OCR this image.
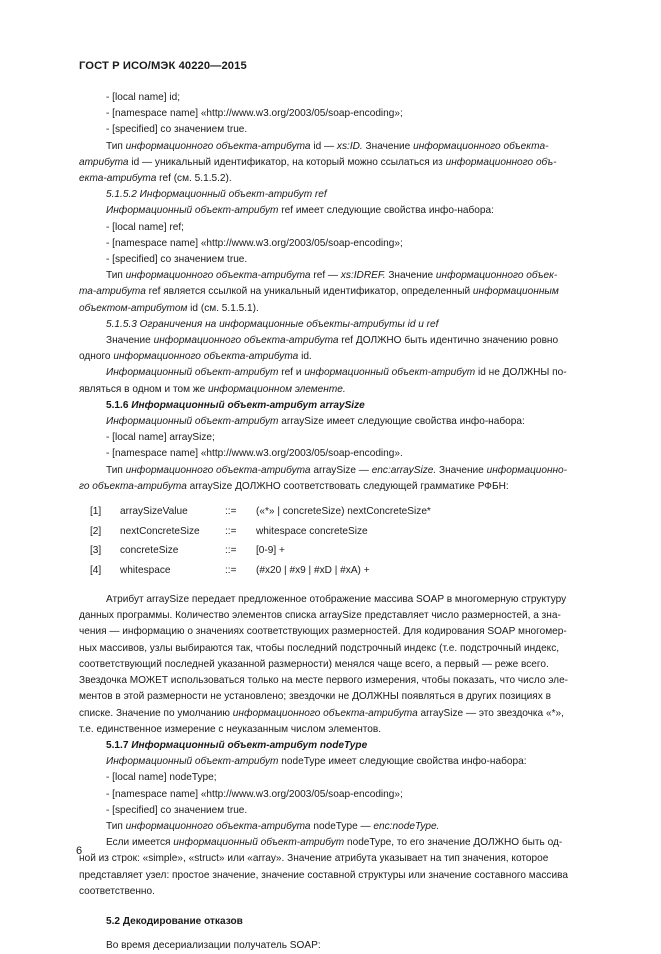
ГОСТ Р ИСО/МЭК 40220—2015

- [local name] id;

- [namespace name] «http://www.w3.org/2003/05/soap-encoding»;

- [specified] со значением true.

Тип информационного объекта-атрибута id — xs:ID. Значение информационного объекта-

атрибута id — уникальный идентификатор, на который можно ссылаться из информационного объ-

екта-атрибута ref (см. 5.1.5.2).

5.1.5.2 Информационный объект-атрибут ref

Информационный объект-атрибут ref имеет следующие свойства инфо-набора:

- [local name] ref;

- [namespace name] «http://www.w3.org/2003/05/soap-encoding»;

- [specified] со значением true.

Тип информационного объекта-атрибута ref — xs:IDREF. Значение информационного объек-

та-атрибута ref является ссылкой на уникальный идентификатор, определенный информационным

объектом-атрибутом id (см. 5.1.5.1).

5.1.5.3 Ограничения на информационные объекты-атрибуты id и ref

Значение информационного объекта-атрибута ref ДОЛЖНО быть идентично значению ровно

одного информационного объекта-атрибута id.

Информационный объект-атрибут ref и информационный объект-атрибут id не ДОЛЖНЫ по-

являться в одном и том же информационном элементе.

5.1.6 Информационный объект-атрибут arraySize

Информационный объект-атрибут arraySize имеет следующие свойства инфо-набора:

- [local name] arraySize;

- [namespace name] «http://www.w3.org/2003/05/soap-encoding».

Тип информационного объекта-атрибута arraySize — enc:arraySize. Значение информационно-

го объекта-атрибута arraySize ДОЛЖНО соответствовать следующей грамматике РФБН:

[1]	arraySizeValue	::=	(«*» | concreteSize) nextConcreteSize*
[2]	nextConcreteSize	::=	whitespace concreteSize
[3]	concreteSize	::=	[0-9] +
[4]	whitespace	::=	(#x20 | #x9 | #xD | #xA) +

Атрибут arraySize передает предложенное отображение массива SOAP в многомерную структуру

данных программы. Количество элементов списка arraySize представляет число размерностей, а зна-

чения — информацию о значениях соответствующих размерностей. Для кодирования SOAP многомер-

ных массивов, узлы выбираются так, чтобы последний подстрочный индекс (т.е. подстрочный индекс,

соответствующий последней указанной размерности) менялся чаще всего, а первый — реже всего.

Звездочка МОЖЕТ использоваться только на месте первого измерения, чтобы показать, что число эле-

ментов в этой размерности не установлено; звездочки не ДОЛЖНЫ появляться в других позициях в

списке. Значение по умолчанию информационного объекта-атрибута arraySize — это звездочка «*»,

т.е. единственное измерение с неуказанным числом элементов.

5.1.7 Информационный объект-атрибут nodeType

Информационный объект-атрибут nodeType имеет следующие свойства инфо-набора:

- [local name] nodeType;

- [namespace name] «http://www.w3.org/2003/05/soap-encoding»;

- [specified] со значением true.

Тип информационного объекта-атрибута nodeType — enc:nodeType.

Если имеется информационный объект-атрибут nodeType, то его значение ДОЛЖНО быть од-

ной из строк: «simple», «struct» или «array». Значение атрибута указывает на тип значения, которое

представляет узел: простое значение, значение составной структуры или значение составного массива

соответственно.

5.2 Декодирование отказов

Во время десериализации получатель SOAP:

6
